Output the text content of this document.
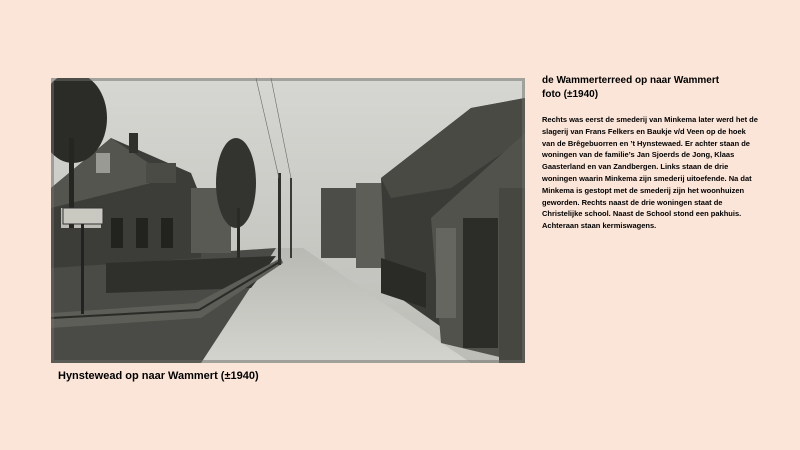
Hynstewead op naar Wammert (±1940)
de Wammerterreed op naar Wammert
foto (±1940)
Rechts was eerst de smederij van Minkema later werd het de slagerij van Frans Felkers en Baukje v/d Veen op de hoek van de Brêgebuorren en ’t Hynstewaed. Er achter staan de woningen van de familie’s Jan Sjoerds de Jong, Klaas Gaasterland en van Zandbergen. Links staan de drie woningen waarin Minkema zijn smederij uitoefende. Na dat Minkema is gestopt met de smederij zijn het woonhuizen geworden. Rechts naast de drie woningen staat de Christelijke school. Naast de School stond een pakhuis. Achteraan staan kermiswagens.
